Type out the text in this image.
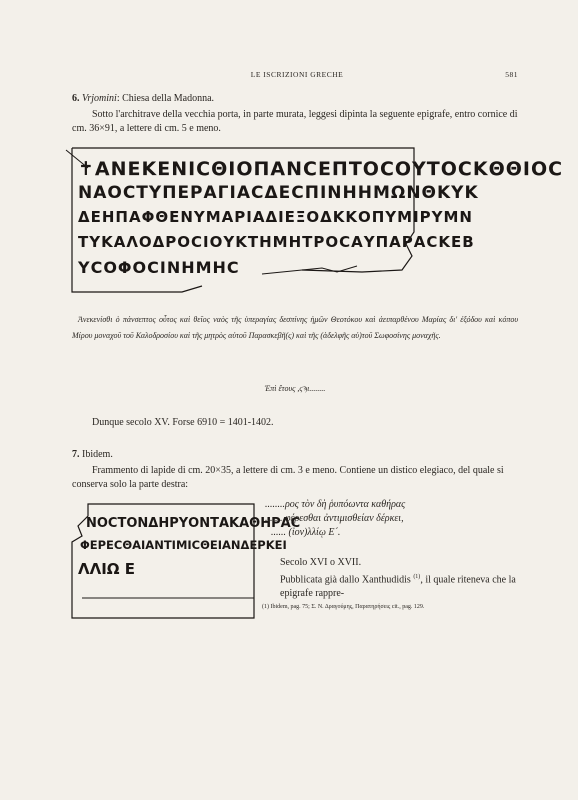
LE ISCRIZIONI GRECHE	581
6. Vrjomini: Chiesa della Madonna.
Sotto l'architrave della vecchia porta, in parte murata, leggesi dipinta la seguente epigrafe, entro cornice di cm. 36×91, a lettere di cm. 5 e meno.
✝ΑΝΕΚΕΝΙϹΘΙΟΠΑΝϹΕΠΤΟϹΟΥΤΟϹΚΘΘΙΟϹ
ΝΑΟϹΤΥΠΕΡΑΓΙΑϹΔΕϹΠΙΝΗΗΜΩΝΘΚΥΚ
ΔΕΗΠΑΦΘΕΝΥΜΑΡΙΑΔΙΕΞΟΔΚΚΟΠΥΜΙΡΥΜΝ
ΤΥΚΑΛΟΔΡΟϹΙΟΥΚΤΗΜΗΤΡΟϹΑΥΠΑΡΑϹΚΕΒ
ΥϹΟΦΟϹΙΝΗΜΗϹ
Ἀνεκενίσθι ὁ πάνσεπτος οὗτος καὶ θεῖος ναὸς τῆς ὑπεραγίας δεσπίνης ἡμῶν Θεοτόκου καὶ ἀειπαρθένου Μαρίας δι' ἐξόδου καὶ κόπου Μίρου μοναχοῦ τοῦ Καλοδροσίου καὶ τῆς μητρὸς αὐτοῦ Παρασκεβῆ(ς) καὶ τῆς (ἀδελφῆς αὐ)τοῦ Σωφοσίνης μοναχῆς.
Ἐπὶ ἔτους ,ϛϡι........
Dunque secolo XV. Forse 6910 = 1401-1402.
7. Ibidem.
Frammento di lapide di cm. 20×35, a lettere di cm. 3 e meno. Contiene un distico elegiaco, del quale si conserva solo la parte destra:
ΝΟϹΤΟΝΔΗΡΥΟΝΤΑΚΑΘΗΡΑϹ
ΦΕΡΕϹΘΑΙΑΝΤΙΜΙϹΘΕΙΑΝΔΕΡΚΕΙ
ΛΛΙΩ Ε
........ρος τὸν δὴ ῥυπόωντα καθήρας
........φέρεσθαι ἀντιμισθείαν δέρκει,
...... (ἰον)λλίῳ Ε´.
Secolo XVI o XVII.
Pubblicata già dallo Xanthudidis $^{(1)}$, il quale riteneva che la epigrafe rappre-
(1) Ibidem, pag. 75; Σ. Ν. Δραγούμης, Παρατηρήσεις cit., pag. 129.
